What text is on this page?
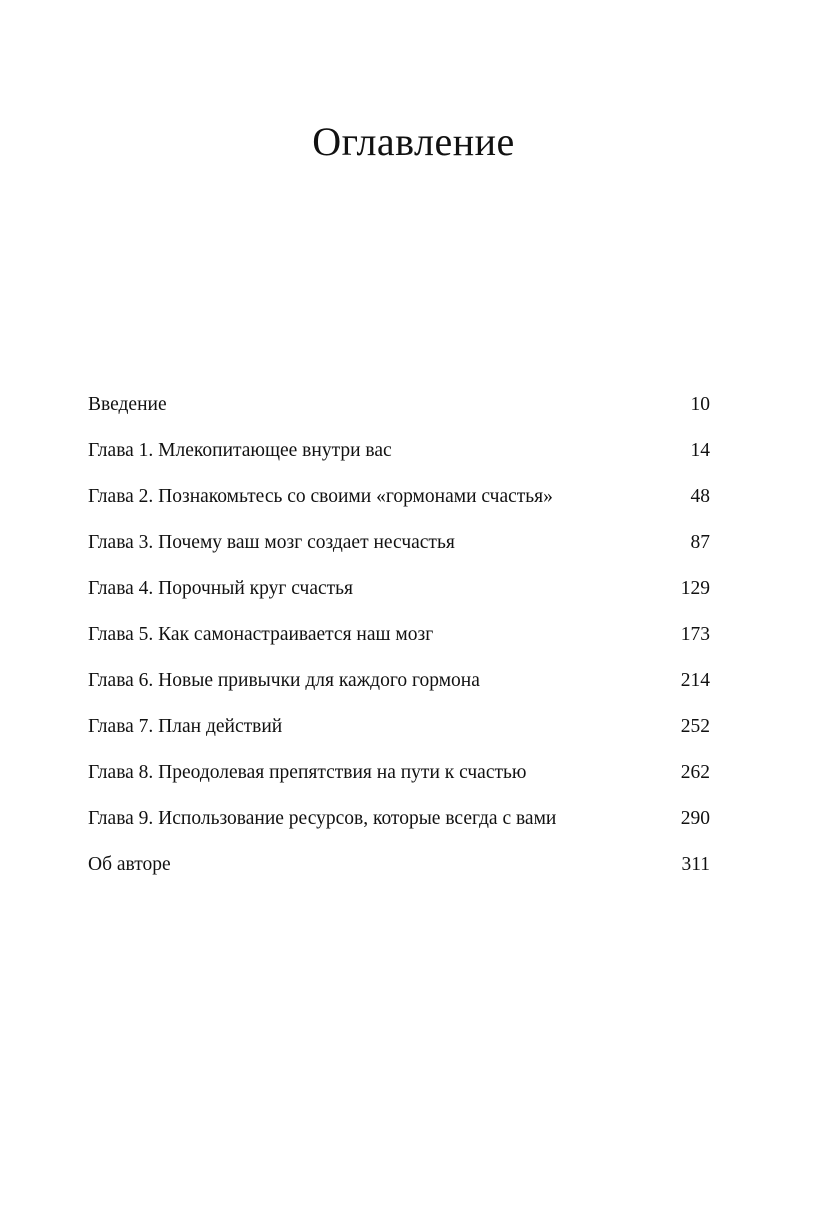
Оглавление
Введение .....	10
Глава 1. Млекопитающее внутри вас .....	14
Глава 2. Познакомьтесь со своими «гормонами счастья» .....	48
Глава 3. Почему ваш мозг создает несчастья .....	87
Глава 4. Порочный круг счастья .....	129
Глава 5. Как самонастраивается наш мозг .....	173
Глава 6. Новые привычки для каждого гормона .....	214
Глава 7. План действий .....	252
Глава 8. Преодолевая препятствия на пути к счастью .....	262
Глава 9. Использование ресурсов, которые всегда с вами .....	290
Об авторе .....	311
